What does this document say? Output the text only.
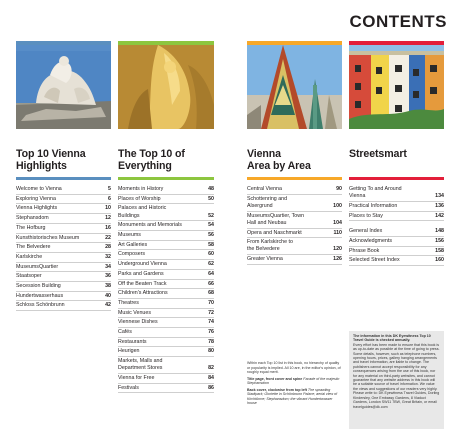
CONTENTS
Top 10 Vienna
Highlights
Welcome to Vienna	5
Exploring Vienna	6
Vienna Highlights	10
Stephansdom	12
The Hofburg	16
Kunsthistorisches Museum	22
The Belvedere	28
Karlskirche	32
MuseumsQuartier	34
Staatsoper	36
Secession Building	38
Hundertwasserhaus	40
Schloss Schönbrunn	42
The Top 10 of
Everything
Moments in History	48
Places of Worship	50
Palaces and Historic
Buildings	52
Monuments and Memorials	54
Museums	56
Art Galleries	58
Composers	60
Underground Vienna	62
Parks and Gardens	64
Off the Beaten Track	66
Children's Attractions	68
Theatres	70
Music Venues	72
Viennese Dishes	74
Cafés	76
Restaurants	78
Heurigen	80
Markets, Malls and
Department Stores	82
Vienna for Free	84
Festivals	86
Vienna
Area by Area
Central Vienna	90
Schottenring and
Alsergrund	100
MuseumsQuartier, Town
Hall and Neubau	104
Opera and Naschmarkt	110
From Karlskirche to
the Belvedere	120
Greater Vienna	126
Streetsmart
Getting To and Around
Vienna	134
Practical Information	136
Places to Stay	142
General Index	148
Acknowledgments	156
Phrase Book	158
Selected Street Index	160

Within each Top 10 list in this book, no hierarchy of quality or popularity is implied. All 10 are, in the editor's opinion, of roughly equal merit.

Title page, front cover and spine Facade of the majestic Stephansdom

Back cover, clockwise from top left The sprawling Stadtpark; Gloriette in Schönbrunn Palace; aerial view of Kirchtürme; Stephansdom; the vibrant Hundertwasser house

The information in this DK Eyewitness Top 10 Travel Guide is checked annually.
Every effort has been made to ensure that this book is as up-to-date as possible at the time of going to press. Some details, however, such as telephone numbers, opening hours, prices, gallery hanging arrangements and travel information, are liable to change. The publishers cannot accept responsibility for any consequences arising from the use of this book, nor for any material on third-party websites, and cannot guarantee that any website address in this book will be a suitable source of travel information. We value the views and suggestions of our readers very highly. Please write to: DK Eyewitness Travel Guides, Dorling Kindersley, One Embassy Gardens, 8 Viaduct Gardens, London SW11 7BW, Great Britain, or email travelguides@dk.com
